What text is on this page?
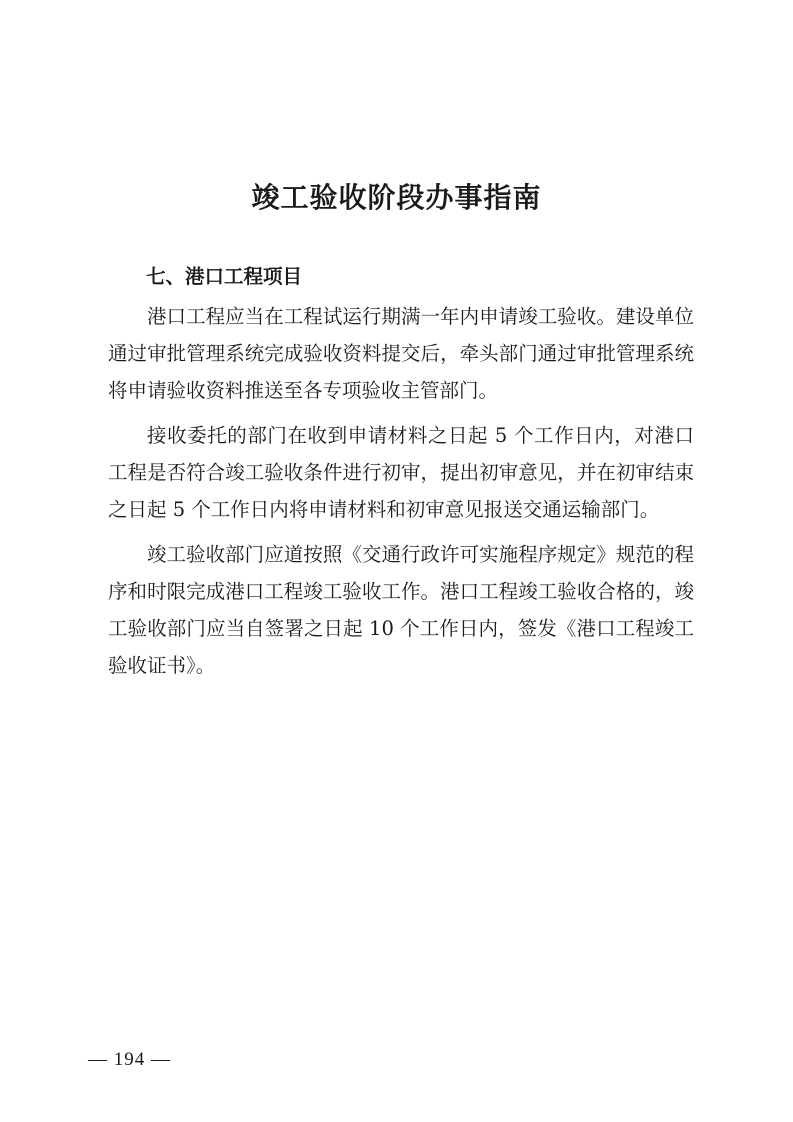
竣工验收阶段办事指南
七、港口工程项目

港口工程应当在工程试运行期满一年内申请竣工验收。建设单位通过审批管理系统完成验收资料提交后，牵头部门通过审批管理系统将申请验收资料推送至各专项验收主管部门。

接收委托的部门在收到申请材料之日起 5 个工作日内，对港口工程是否符合竣工验收条件进行初审，提出初审意见，并在初审结束之日起 5 个工作日内将申请材料和初审意见报送交通运输部门。

竣工验收部门应道按照《交通行政许可实施程序规定》规范的程序和时限完成港口工程竣工验收工作。港口工程竣工验收合格的，竣工验收部门应当自签署之日起 10 个工作日内，签发《港口工程竣工验收证书》。

— 194 —
